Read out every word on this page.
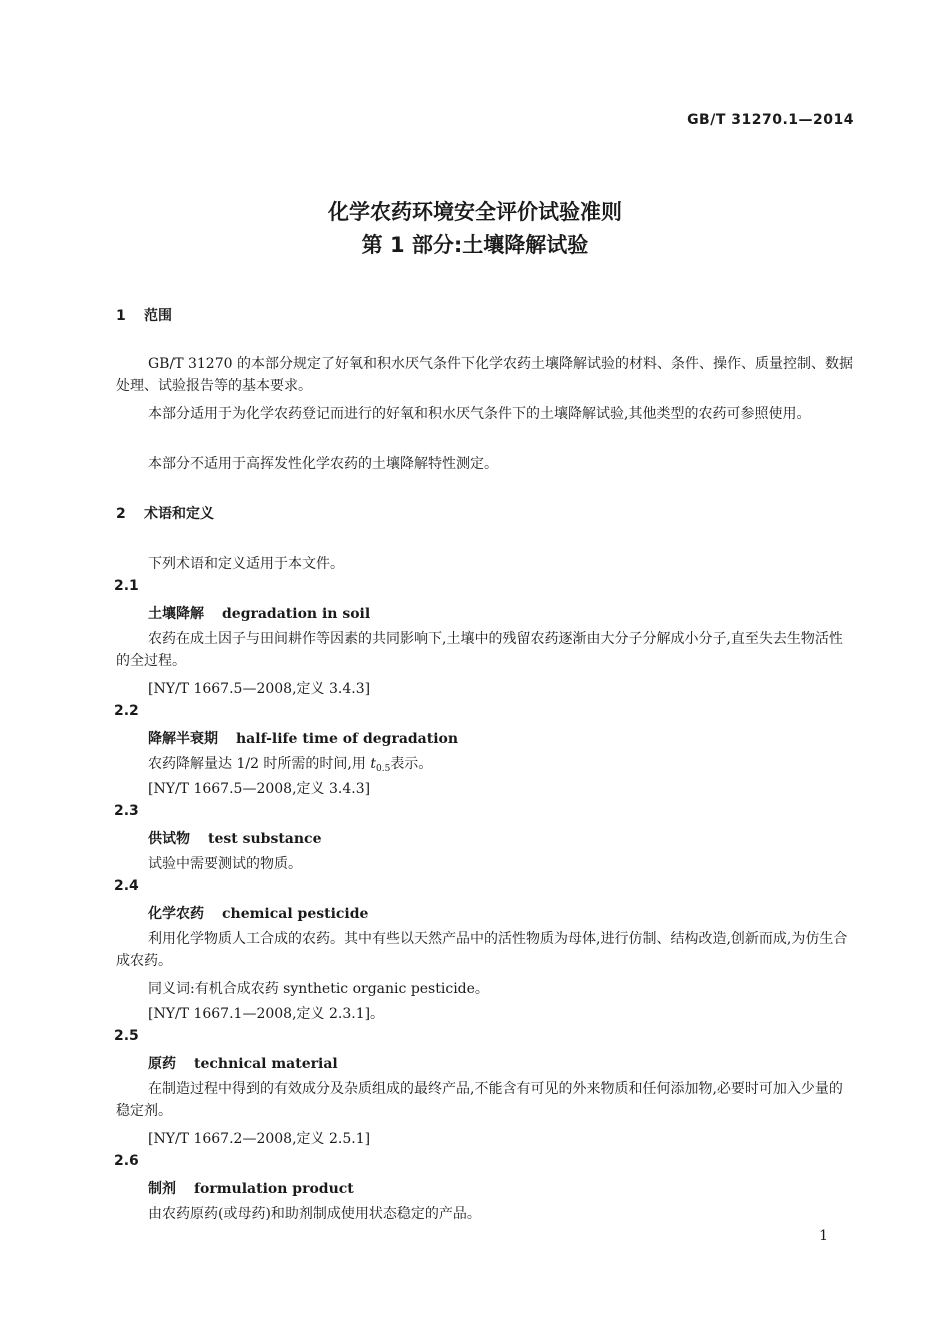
GB/T 31270.1—2014
化学农药环境安全评价试验准则
第 1 部分:土壤降解试验
1 范围
GB/T 31270 的本部分规定了好氧和积水厌气条件下化学农药土壤降解试验的材料、条件、操作、质量控制、数据处理、试验报告等的基本要求。
本部分适用于为化学农药登记而进行的好氧和积水厌气条件下的土壤降解试验,其他类型的农药可参照使用。
本部分不适用于高挥发性化学农药的土壤降解特性测定。
2 术语和定义
下列术语和定义适用于本文件。
2.1
土壤降解 degradation in soil
农药在成土因子与田间耕作等因素的共同影响下,土壤中的残留农药逐渐由大分子分解成小分子,直至失去生物活性的全过程。
[NY/T 1667.5—2008,定义 3.4.3]
2.2
降解半衰期 half-life time of degradation
农药降解量达 1/2 时所需的时间,用 $t_{0.5}$表示。
[NY/T 1667.5—2008,定义 3.4.3]
2.3
供试物 test substance
试验中需要测试的物质。
2.4
化学农药 chemical pesticide
利用化学物质人工合成的农药。其中有些以天然产品中的活性物质为母体,进行仿制、结构改造,创新而成,为仿生合成农药。
同义词:有机合成农药 synthetic organic pesticide。
[NY/T 1667.1—2008,定义 2.3.1]。
2.5
原药 technical material
在制造过程中得到的有效成分及杂质组成的最终产品,不能含有可见的外来物质和任何添加物,必要时可加入少量的稳定剂。
[NY/T 1667.2—2008,定义 2.5.1]
2.6
制剂 formulation product
由农药原药(或母药)和助剂制成使用状态稳定的产品。
1
